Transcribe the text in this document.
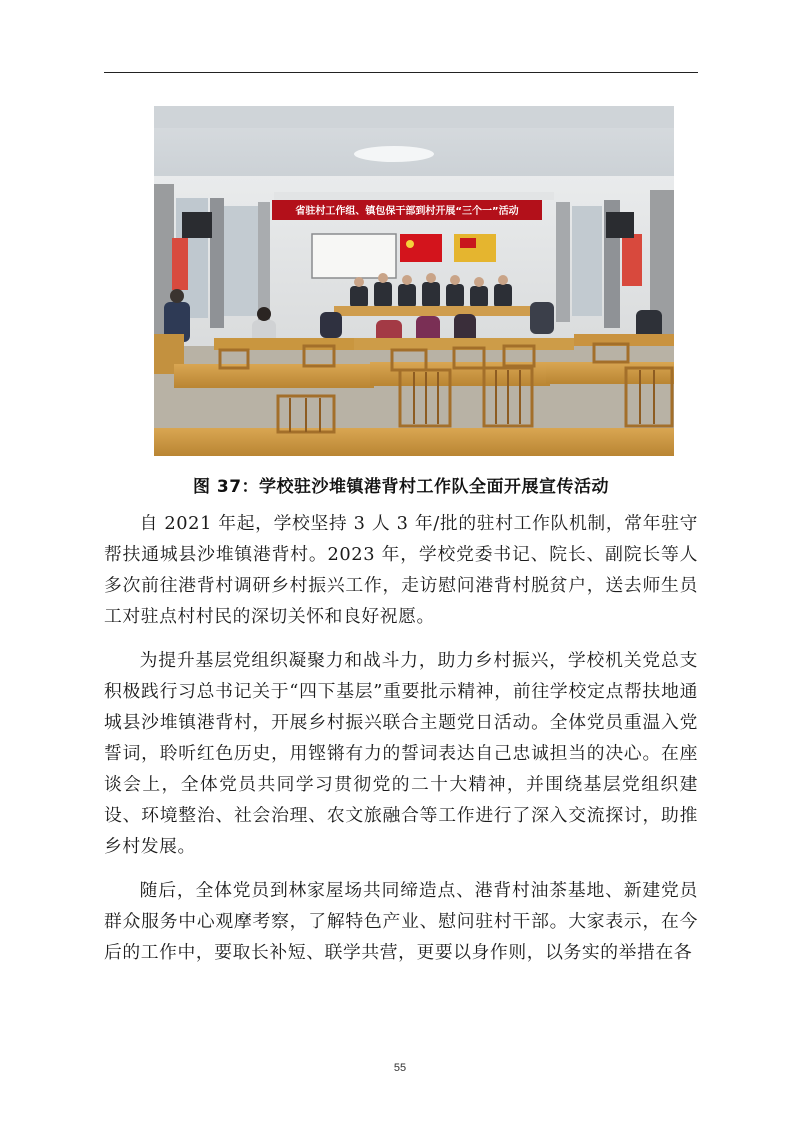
省驻村工作组、镇包保干部到村开展“三个一”活动
图 37：学校驻沙堆镇港背村工作队全面开展宣传活动

自 2021 年起，学校坚持 3 人 3 年/批的驻村工作队机制，常年驻守帮扶通城县沙堆镇港背村。2023 年，学校党委书记、院长、副院长等人多次前往港背村调研乡村振兴工作，走访慰问港背村脱贫户，送去师生员工对驻点村村民的深切关怀和良好祝愿。

为提升基层党组织凝聚力和战斗力，助力乡村振兴，学校机关党总支积极践行习总书记关于“四下基层”重要批示精神，前往学校定点帮扶地通城县沙堆镇港背村，开展乡村振兴联合主题党日活动。全体党员重温入党誓词，聆听红色历史，用铿锵有力的誓词表达自己忠诚担当的决心。在座谈会上，全体党员共同学习贯彻党的二十大精神，并围绕基层党组织建设、环境整治、社会治理、农文旅融合等工作进行了深入交流探讨，助推乡村发展。

随后，全体党员到林家屋场共同缔造点、港背村油茶基地、新建党员群众服务中心观摩考察，了解特色产业、慰问驻村干部。大家表示，在今后的工作中，要取长补短、联学共营，更要以身作则，以务实的举措在各

55
